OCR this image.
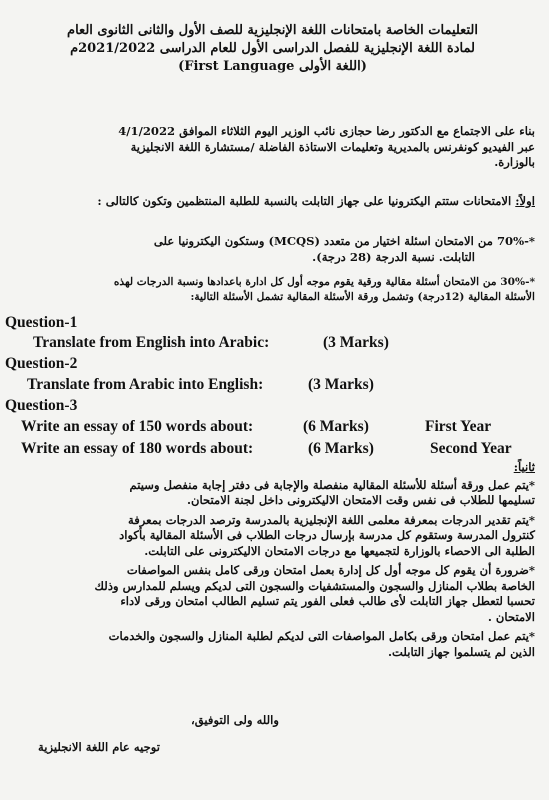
التعليمات الخاصة بامتحانات اللغة الإنجليزية للصف الأول والثانى الثانوى العام
لمادة اللغة الإنجليزية للفصل الدراسى الأول للعام الدراسى 2021/2022م
(اللغة الأولى First Language)
بناء على الاجتماع مع الدكتور رضا حجازى نائب الوزير اليوم الثلاثاء الموافق 4/1/2022
عبر الفيديو كونفرنس بالمديرية وتعليمات الاستاذة الفاضلة /مستشارة اللغة الانجليزية
بالوزارة.
اولاً: الامتحانات ستتم اليكترونيا على جهاز التابلت بالنسبة للطلبة المنتظمين وتكون كالتالى :
*-70% من الامتحان اسئلة اختيار من متعدد (MCQS) وستكون اليكترونيا على
التابلت. نسبة الدرجة (28 درجة).
*-30% من الامتحان أسئلة مقالية ورقية يقوم موجه أول كل ادارة باعدادها ونسبة الدرجات لهذه
الأسئلة المقالية (12درجة) وتشمل ورقة الأسئلة المقالية تشمل الأسئلة التالية:
Question-1
Translate from English into Arabic:	(3 Marks)
Question-2
Translate from Arabic into English:	(3 Marks)
Question-3
Write an essay of 150 words about:	(6 Marks)	First Year
Write an essay of 180 words about:	(6 Marks)	Second Year
ثانياً:
*يتم عمل ورقة أسئلة للأسئلة المقالية منفصلة والإجابة فى دفتر إجابة منفصل وسيتم
تسليمها للطلاب فى نفس وقت الامتحان الاليكترونى داخل لجنة الامتحان.
*يتم تقدير الدرجات بمعرفة معلمى اللغة الإنجليزية بالمدرسة وترصد الدرجات بمعرفة
كنترول المدرسة وستقوم كل مدرسة بإرسال درجات الطلاب فى الأسئلة المقالية بأكواد
الطلبة الى الاحصاء بالوزارة لتجميعها مع درجات الامتحان الاليكترونى على التابلت.
*ضرورة أن يقوم كل موجه أول كل إدارة بعمل امتحان ورقى كامل بنفس المواصفات
الخاصة بطلاب المنازل والسجون والمستشفيات والسجون التى لديكم ويسلم للمدارس وذلك
تحسبا لتعطل جهاز التابلت لأى طالب فعلى الفور يتم تسليم الطالب امتحان ورقى لاداء
الامتحان .
*يتم عمل امتحان ورقى بكامل المواصفات التى لديكم لطلبة المنازل والسجون والخدمات
الذين لم يتسلموا جهاز التابلت.
والله ولى التوفيق،
توجيه عام اللغة الانجليزية
